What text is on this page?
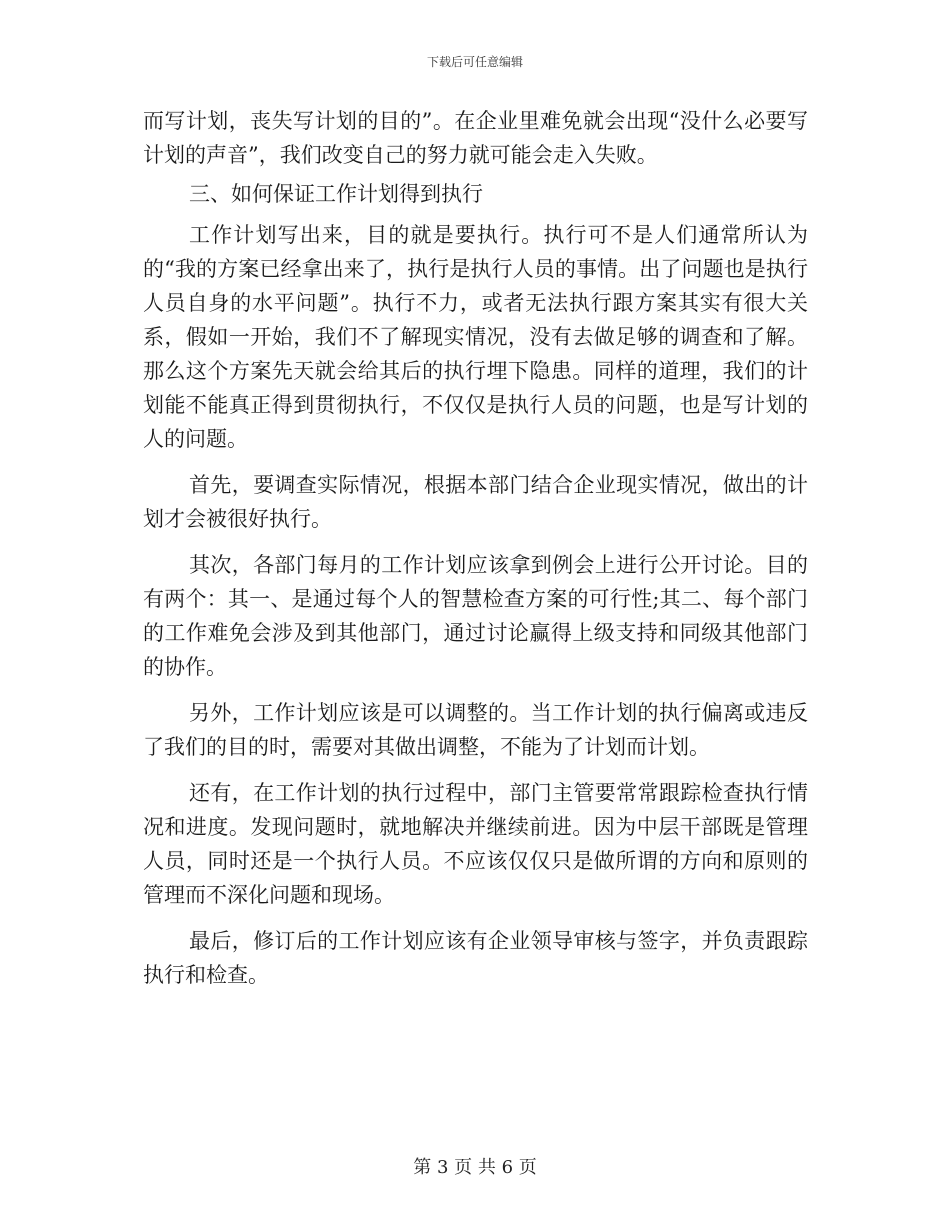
下载后可任意编辑

而写计划，丧失写计划的目的”。在企业里难免就会出现“没什么必要写计划的声音”，我们改变自己的努力就可能会走入失败。

三、如何保证工作计划得到执行

工作计划写出来，目的就是要执行。执行可不是人们通常所认为的“我的方案已经拿出来了，执行是执行人员的事情。出了问题也是执行人员自身的水平问题”。执行不力，或者无法执行跟方案其实有很大关系，假如一开始，我们不了解现实情况，没有去做足够的调查和了解。那么这个方案先天就会给其后的执行埋下隐患。同样的道理，我们的计划能不能真正得到贯彻执行，不仅仅是执行人员的问题，也是写计划的人的问题。

首先，要调查实际情况，根据本部门结合企业现实情况，做出的计划才会被很好执行。

其次，各部门每月的工作计划应该拿到例会上进行公开讨论。目的有两个：其一、是通过每个人的智慧检查方案的可行性;其二、每个部门的工作难免会涉及到其他部门，通过讨论赢得上级支持和同级其他部门的协作。

另外，工作计划应该是可以调整的。当工作计划的执行偏离或违反了我们的目的时，需要对其做出调整，不能为了计划而计划。

还有，在工作计划的执行过程中，部门主管要常常跟踪检查执行情况和进度。发现问题时，就地解决并继续前进。因为中层干部既是管理人员，同时还是一个执行人员。不应该仅仅只是做所谓的方向和原则的管理而不深化问题和现场。

最后，修订后的工作计划应该有企业领导审核与签字，并负责跟踪执行和检查。

第 3 页 共 6 页
